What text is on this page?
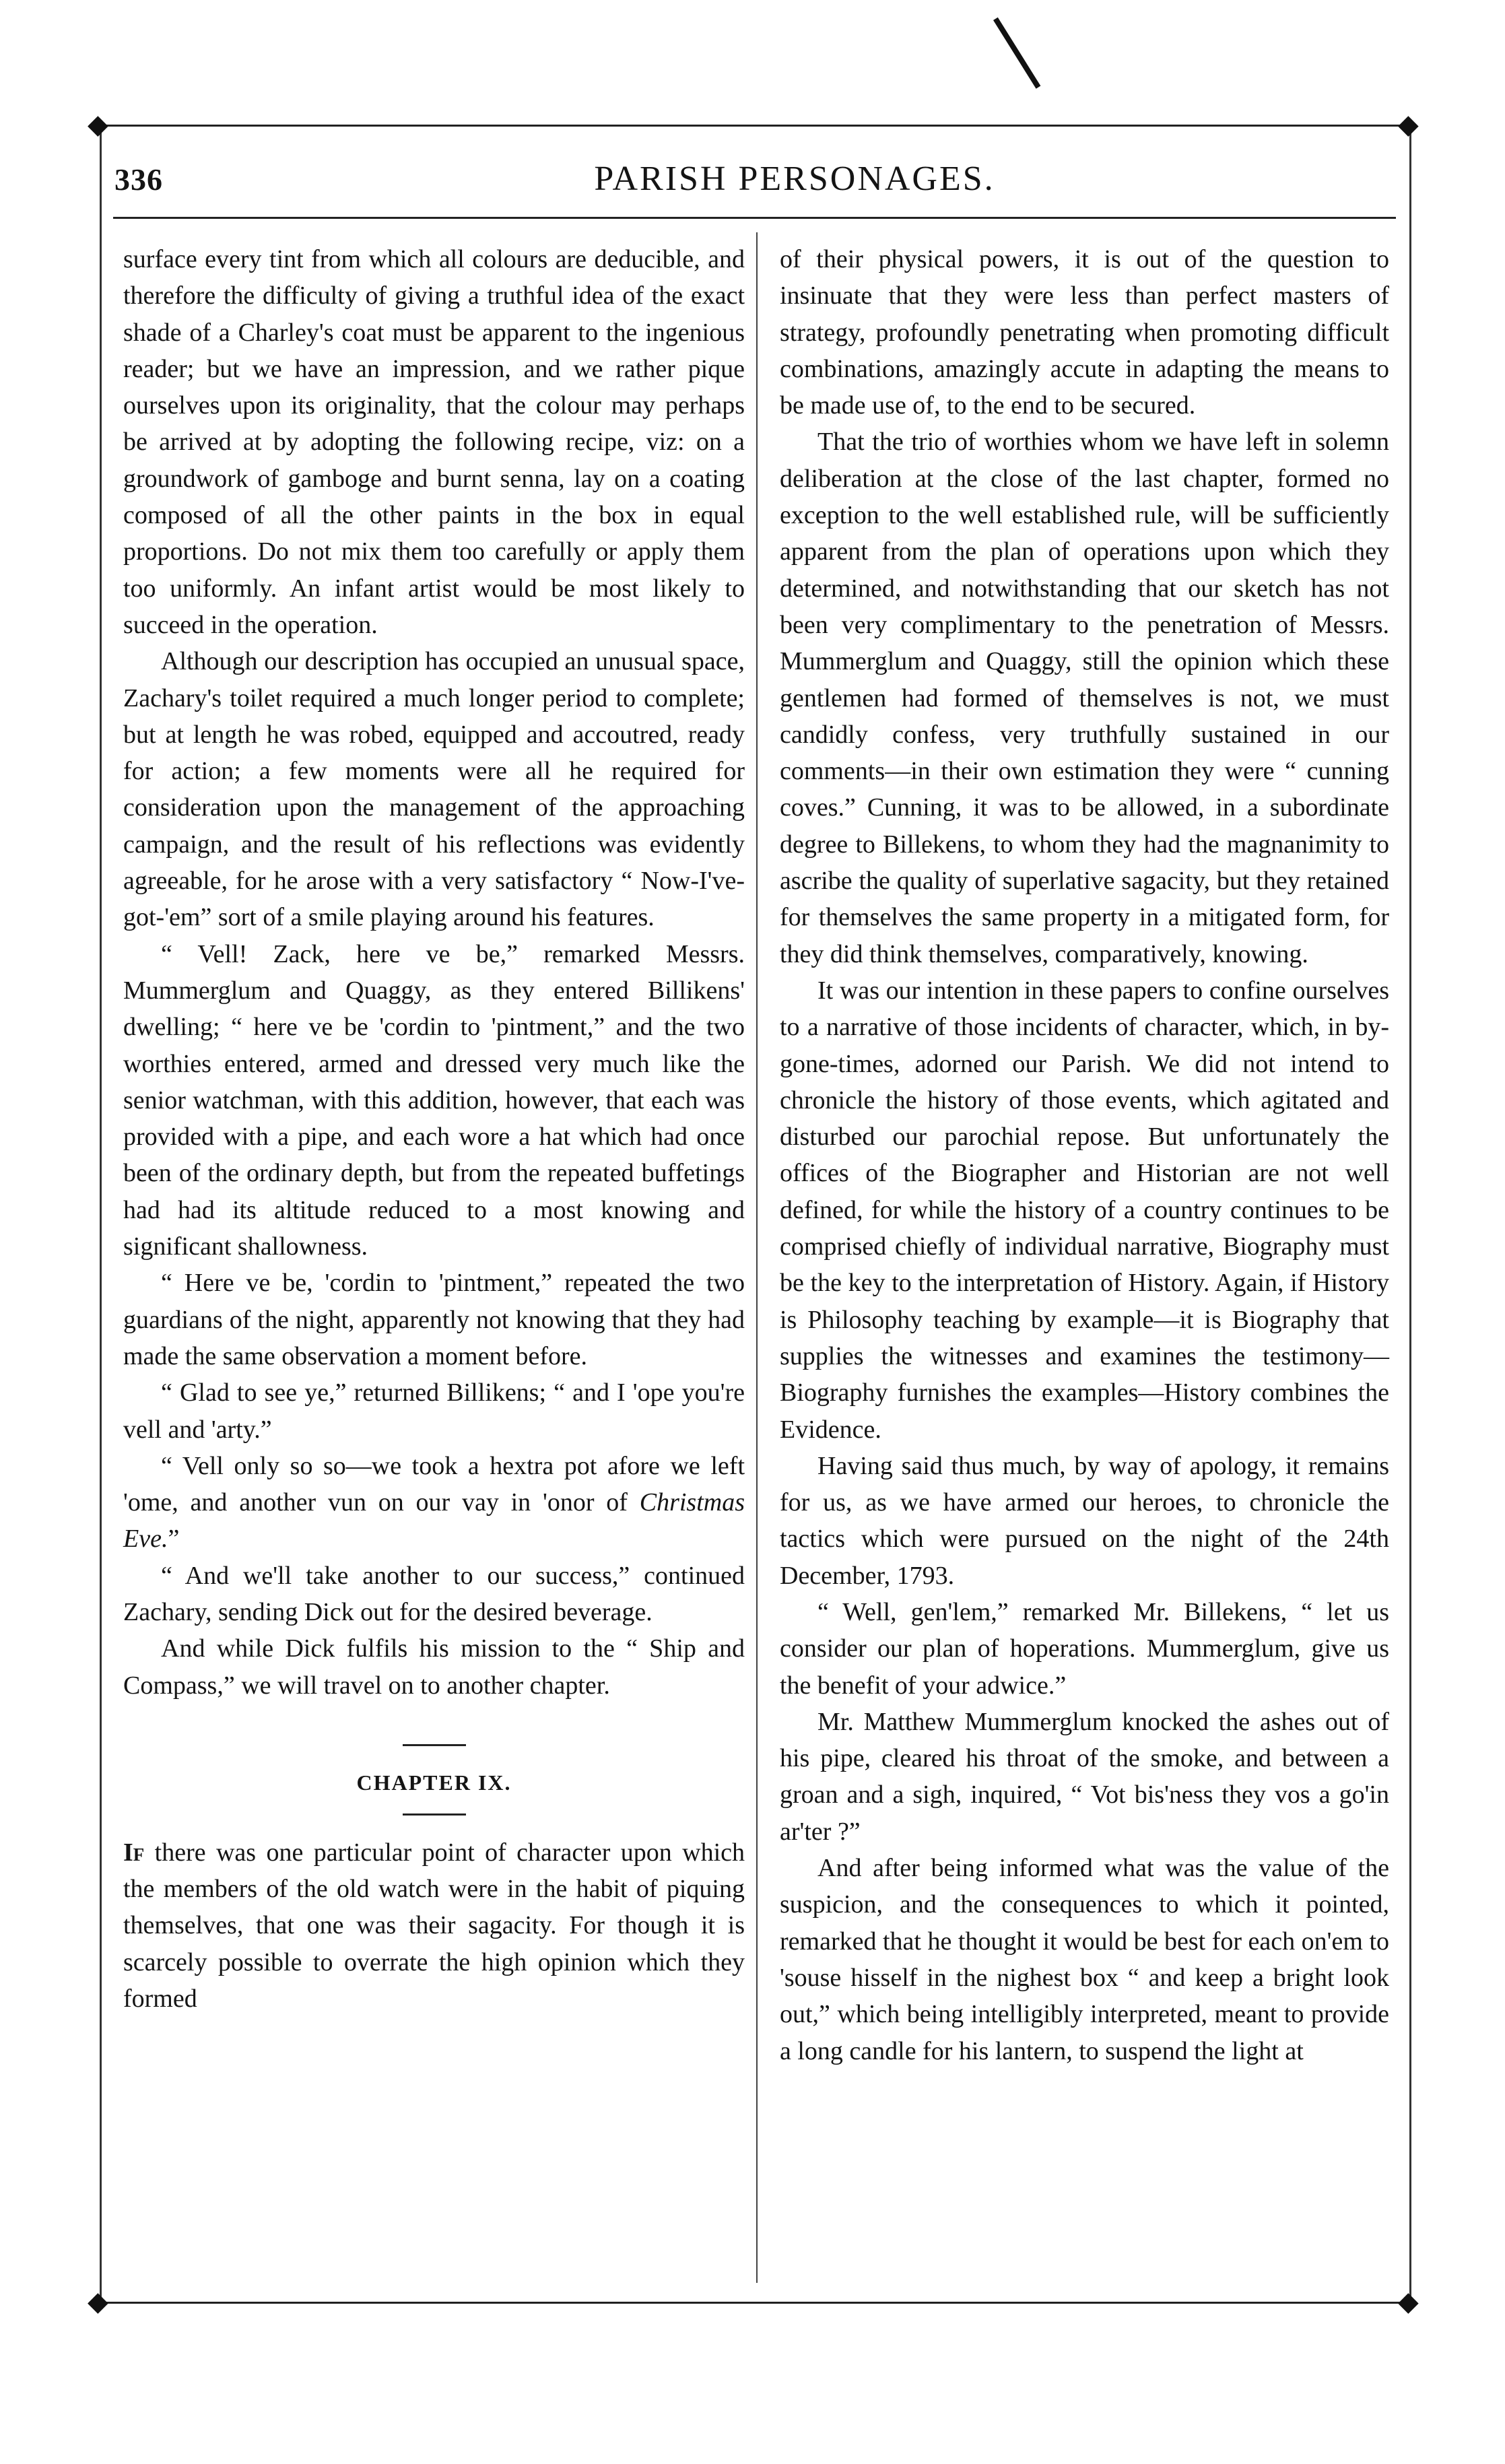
◆	◆
◆	◆
336	PARISH PERSONAGES.

surface every tint from which all colours are deducible, and therefore the difficulty of giving a truthful idea of the exact shade of a Charley's coat must be apparent to the ingenious reader; but we have an impression, and we rather pique ourselves upon its originality, that the colour may perhaps be arrived at by adopting the following recipe, viz: on a groundwork of gamboge and burnt senna, lay on a coating composed of all the other paints in the box in equal proportions. Do not mix them too carefully or apply them too uniformly. An infant artist would be most likely to succeed in the operation.

Although our description has occupied an unusual space, Zachary's toilet required a much longer period to complete; but at length he was robed, equipped and accoutred, ready for action; a few moments were all he required for consideration upon the management of the approaching campaign, and the result of his reflections was evidently agreeable, for he arose with a very satisfactory “ Now-I've-got-'em” sort of a smile playing around his features.

“ Vell! Zack, here ve be,” remarked Messrs. Mummerglum and Quaggy, as they entered Billikens' dwelling; “ here ve be 'cordin to 'pintment,” and the two worthies entered, armed and dressed very much like the senior watchman, with this addition, however, that each was provided with a pipe, and each wore a hat which had once been of the ordinary depth, but from the repeated buffetings had had its altitude reduced to a most knowing and significant shallowness.

“ Here ve be, 'cordin to 'pintment,” repeated the two guardians of the night, apparently not knowing that they had made the same observation a moment before.

“ Glad to see ye,” returned Billikens; “ and I 'ope you're vell and 'arty.”

“ Vell only so so—we took a hextra pot afore we left 'ome, and another vun on our vay in 'onor of Christmas Eve.”

“ And we'll take another to our success,” continued Zachary, sending Dick out for the desired beverage.

And while Dick fulfils his mission to the “ Ship and Compass,” we will travel on to another chapter.

CHAPTER IX.

If there was one particular point of character upon which the members of the old watch were in the habit of piquing themselves, that one was their sagacity. For though it is scarcely possible to overrate the high opinion which they formed

of their physical powers, it is out of the question to insinuate that they were less than perfect masters of strategy, profoundly penetrating when promoting difficult combinations, amazingly accute in adapting the means to be made use of, to the end to be secured.

That the trio of worthies whom we have left in solemn deliberation at the close of the last chapter, formed no exception to the well established rule, will be sufficiently apparent from the plan of operations upon which they determined, and notwithstanding that our sketch has not been very complimentary to the penetration of Messrs. Mummerglum and Quaggy, still the opinion which these gentlemen had formed of themselves is not, we must candidly confess, very truthfully sustained in our comments—in their own estimation they were “ cunning coves.” Cunning, it was to be allowed, in a subordinate degree to Billekens, to whom they had the magnanimity to ascribe the quality of superlative sagacity, but they retained for themselves the same property in a mitigated form, for they did think themselves, comparatively, knowing.

It was our intention in these papers to confine ourselves to a narrative of those incidents of character, which, in by-gone-times, adorned our Parish. We did not intend to chronicle the history of those events, which agitated and disturbed our parochial repose. But unfortunately the offices of the Biographer and Historian are not well defined, for while the history of a country continues to be comprised chiefly of individual narrative, Biography must be the key to the interpretation of History. Again, if History is Philosophy teaching by example—it is Biography that supplies the witnesses and examines the testimony—Biography furnishes the examples—History combines the Evidence.

Having said thus much, by way of apology, it remains for us, as we have armed our heroes, to chronicle the tactics which were pursued on the night of the 24th December, 1793.

“ Well, gen'lem,” remarked Mr. Billekens, “ let us consider our plan of hoperations. Mummerglum, give us the benefit of your adwice.”

Mr. Matthew Mummerglum knocked the ashes out of his pipe, cleared his throat of the smoke, and between a groan and a sigh, inquired, “ Vot bis'ness they vos a go'in ar'ter ?”

And after being informed what was the value of the suspicion, and the consequences to which it pointed, remarked that he thought it would be best for each on'em to 'souse hisself in the nighest box “ and keep a bright look out,” which being intelligibly interpreted, meant to provide a long candle for his lantern, to suspend the light at
